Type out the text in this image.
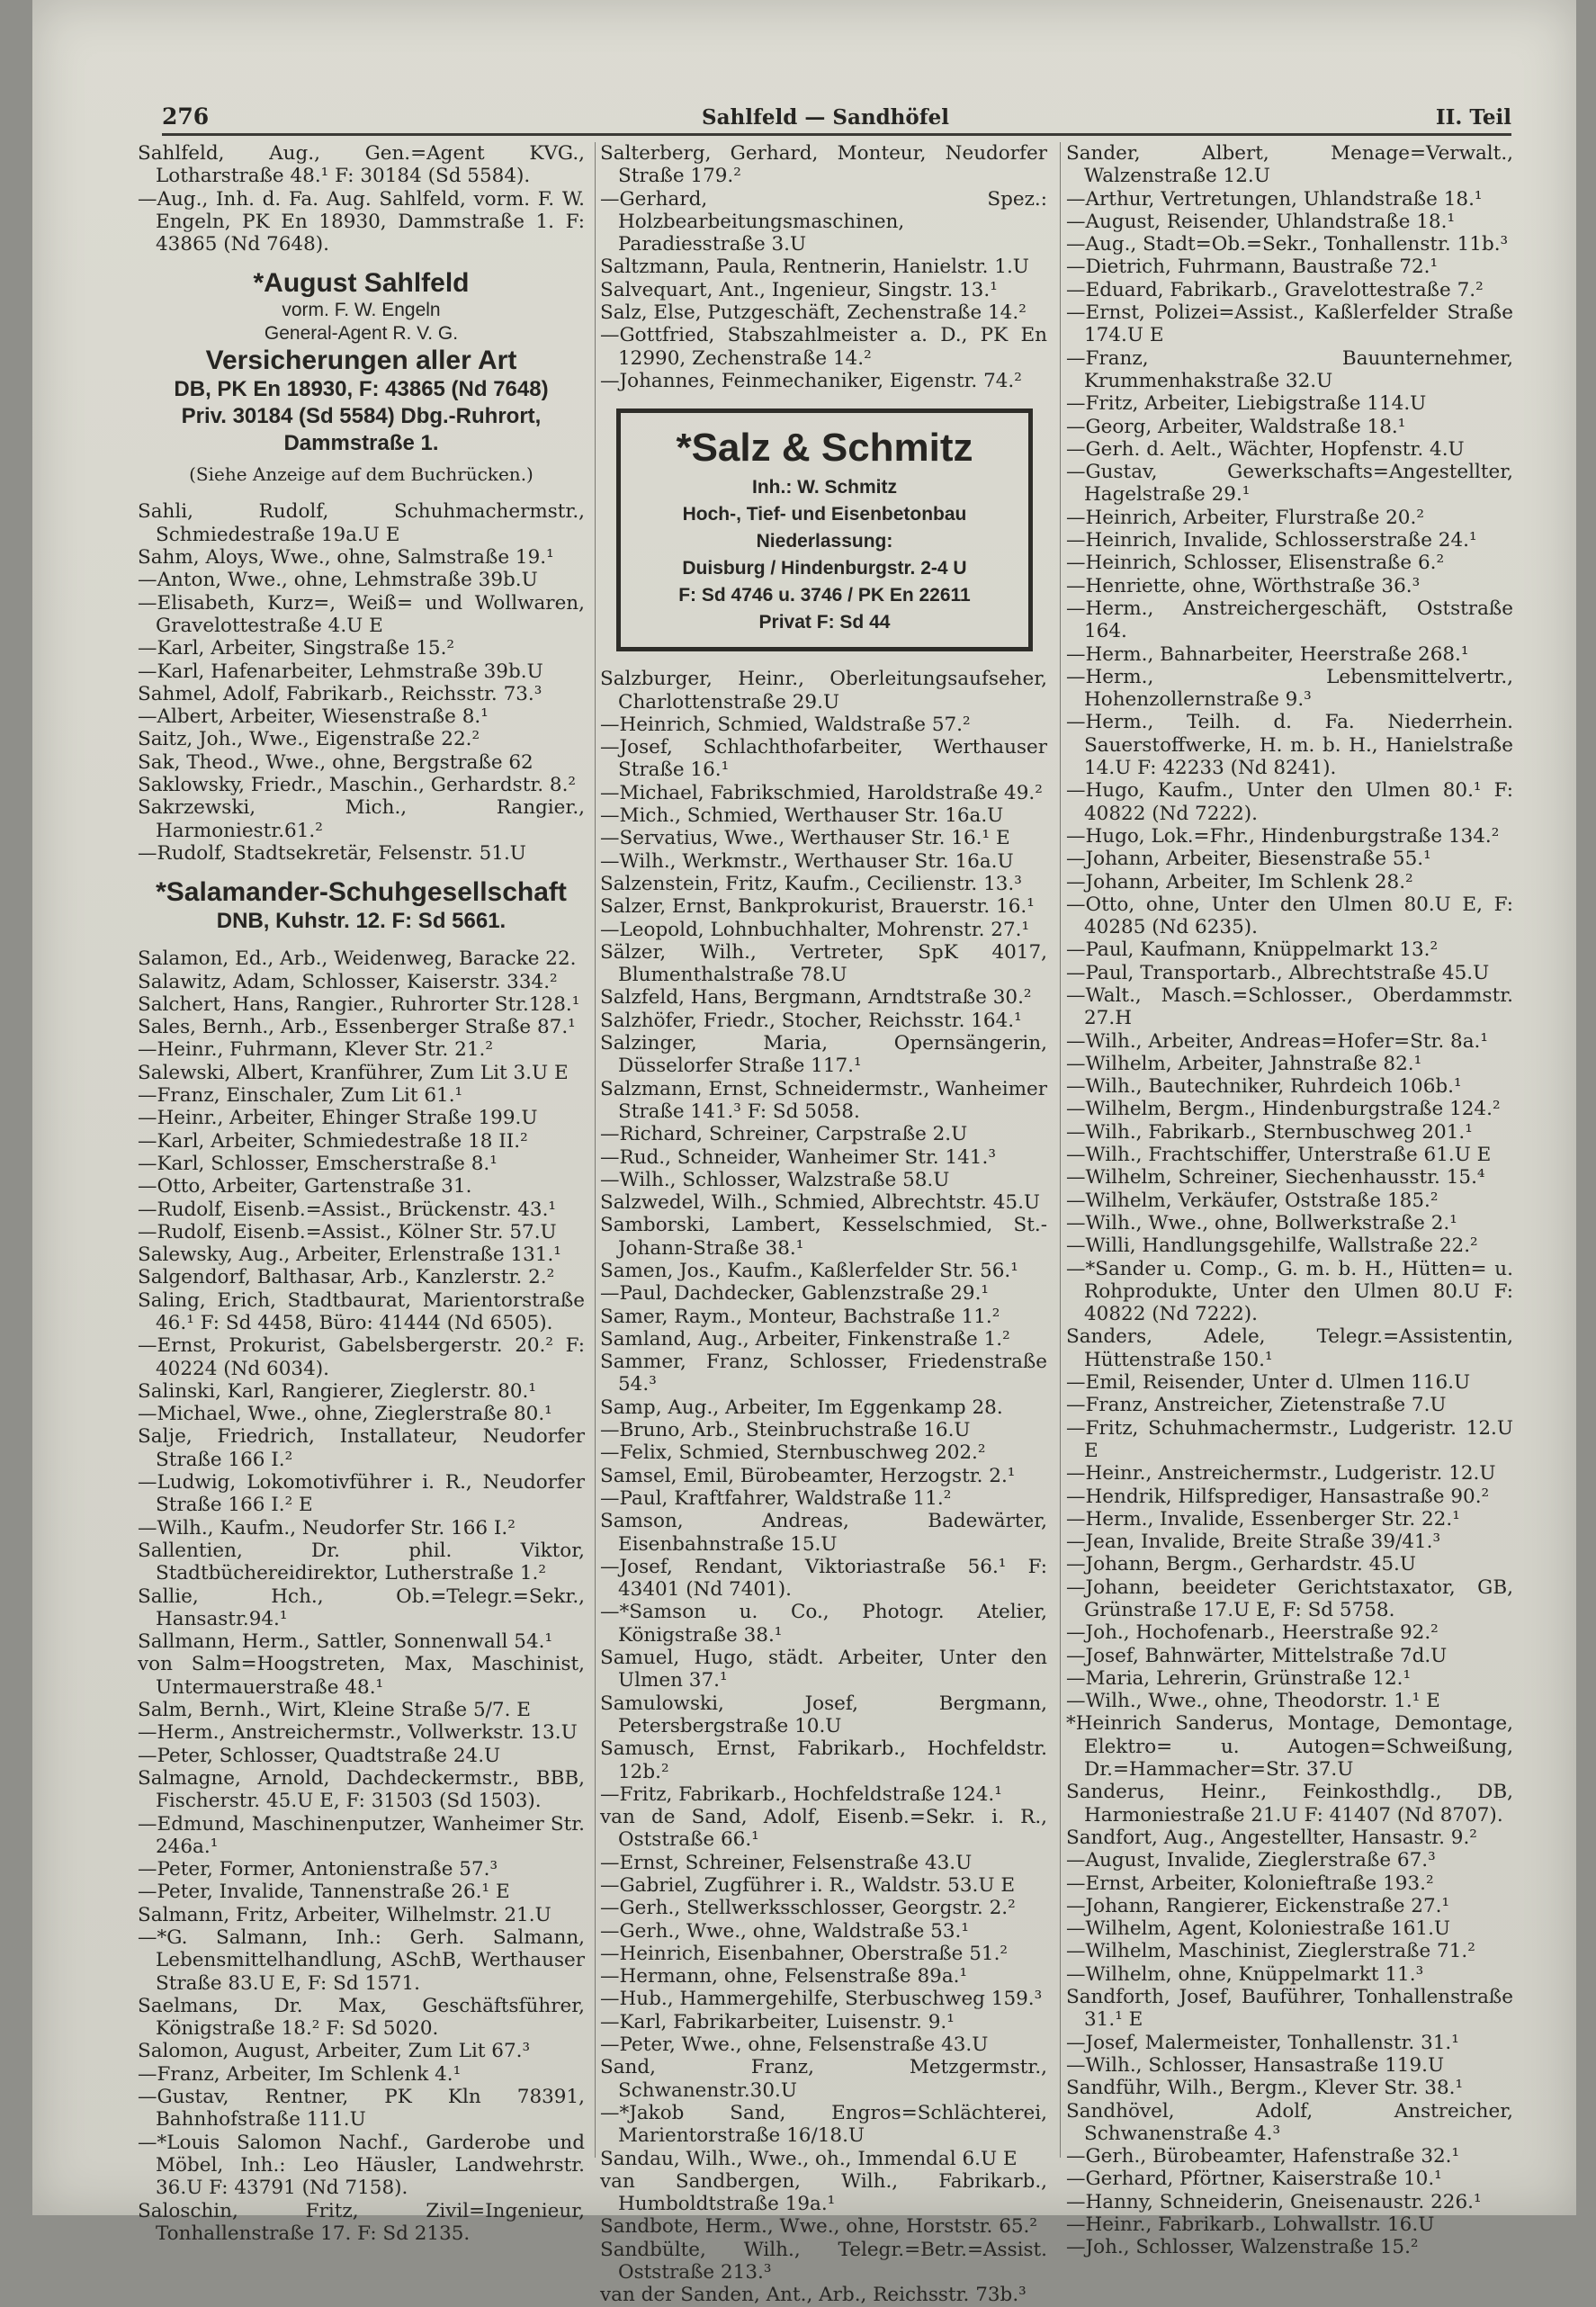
276	Sahlfeld — Sandhöfel	II. Teil

Sahlfeld, Aug., Gen.=Agent KVG., Lotharstraße 48.¹ F: 30184 (Sd 5584).

—Aug., Inh. d. Fa. Aug. Sahlfeld, vorm. F. W. Engeln, PK En 18930, Dammstraße 1. F: 43865 (Nd 7648).

*August Sahlfeld
vorm. F. W. Engeln
General-Agent R. V. G.
Versicherungen aller Art
DB, PK En 18930, F: 43865 (Nd 7648)
Priv. 30184 (Sd 5584) Dbg.-Ruhrort,
Dammstraße 1.
(Siehe Anzeige auf dem Buchrücken.)

Sahli, Rudolf, Schuhmachermstr., Schmiedestraße 19a.U E

Sahm, Aloys, Wwe., ohne, Salmstraße 19.¹

—Anton, Wwe., ohne, Lehmstraße 39b.U

—Elisabeth, Kurz=, Weiß= und Wollwaren, Gravelottestraße 4.U E

—Karl, Arbeiter, Singstraße 15.²

—Karl, Hafenarbeiter, Lehmstraße 39b.U

Sahmel, Adolf, Fabrikarb., Reichsstr. 73.³

—Albert, Arbeiter, Wiesenstraße 8.¹

Saitz, Joh., Wwe., Eigenstraße 22.²

Sak, Theod., Wwe., ohne, Bergstraße 62

Saklowsky, Friedr., Maschin., Gerhardstr. 8.²

Sakrzewski, Mich., Rangier., Harmoniestr.61.²

—Rudolf, Stadtsekretär, Felsenstr. 51.U

*Salamander-Schuhgesellschaft
DNB, Kuhstr. 12. F: Sd 5661.

Salamon, Ed., Arb., Weidenweg, Baracke 22.

Salawitz, Adam, Schlosser, Kaiserstr. 334.²

Salchert, Hans, Rangier., Ruhrorter Str.128.¹

Sales, Bernh., Arb., Essenberger Straße 87.¹

—Heinr., Fuhrmann, Klever Str. 21.²

Salewski, Albert, Kranführer, Zum Lit 3.U E

—Franz, Einschaler, Zum Lit 61.¹

—Heinr., Arbeiter, Ehinger Straße 199.U

—Karl, Arbeiter, Schmiedestraße 18 II.²

—Karl, Schlosser, Emscherstraße 8.¹

—Otto, Arbeiter, Gartenstraße 31.

—Rudolf, Eisenb.=Assist., Brückenstr. 43.¹

—Rudolf, Eisenb.=Assist., Kölner Str. 57.U

Salewsky, Aug., Arbeiter, Erlenstraße 131.¹

Salgendorf, Balthasar, Arb., Kanzlerstr. 2.²

Saling, Erich, Stadtbaurat, Marientorstraße 46.¹ F: Sd 4458, Büro: 41444 (Nd 6505).

—Ernst, Prokurist, Gabelsbergerstr. 20.² F: 40224 (Nd 6034).

Salinski, Karl, Rangierer, Zieglerstr. 80.¹

—Michael, Wwe., ohne, Zieglerstraße 80.¹

Salje, Friedrich, Installateur, Neudorfer Straße 166 I.²

—Ludwig, Lokomotivführer i. R., Neudorfer Straße 166 I.² E

—Wilh., Kaufm., Neudorfer Str. 166 I.²

Sallentien, Dr. phil. Viktor, Stadtbüchereidirektor, Lutherstraße 1.²

Sallie, Hch., Ob.=Telegr.=Sekr., Hansastr.94.¹

Sallmann, Herm., Sattler, Sonnenwall 54.¹

von Salm=Hoogstreten, Max, Maschinist, Untermauerstraße 48.¹

Salm, Bernh., Wirt, Kleine Straße 5/7. E

—Herm., Anstreichermstr., Vollwerkstr. 13.U

—Peter, Schlosser, Quadtstraße 24.U

Salmagne, Arnold, Dachdeckermstr., BBB, Fischerstr. 45.U E, F: 31503 (Sd 1503).

—Edmund, Maschinenputzer, Wanheimer Str. 246a.¹

—Peter, Former, Antonienstraße 57.³

—Peter, Invalide, Tannenstraße 26.¹ E

Salmann, Fritz, Arbeiter, Wilhelmstr. 21.U

—*G. Salmann, Inh.: Gerh. Salmann, Lebensmittelhandlung, ASchB, Werthauser Straße 83.U E, F: Sd 1571.

Saelmans, Dr. Max, Geschäftsführer, Königstraße 18.² F: Sd 5020.

Salomon, August, Arbeiter, Zum Lit 67.³

—Franz, Arbeiter, Im Schlenk 4.¹

—Gustav, Rentner, PK Kln 78391, Bahnhofstraße 111.U

—*Louis Salomon Nachf., Garderobe und Möbel, Inh.: Leo Häusler, Landwehrstr. 36.U F: 43791 (Nd 7158).

Saloschin, Fritz, Zivil=Ingenieur, Tonhallenstraße 17. F: Sd 2135.

Salterberg, Gerhard, Monteur, Neudorfer Straße 179.²

—Gerhard, Spez.: Holzbearbeitungsmaschinen, Paradiesstraße 3.U

Saltzmann, Paula, Rentnerin, Hanielstr. 1.U

Salvequart, Ant., Ingenieur, Singstr. 13.¹

Salz, Else, Putzgeschäft, Zechenstraße 14.²

—Gottfried, Stabszahlmeister a. D., PK En 12990, Zechenstraße 14.²

—Johannes, Feinmechaniker, Eigenstr. 74.²

*Salz & Schmitz
Inh.: W. Schmitz
Hoch-, Tief- und Eisenbetonbau
Niederlassung:
Duisburg / Hindenburgstr. 2-4 U
F: Sd 4746 u. 3746 / PK En 22611
Privat F: Sd 44

Salzburger, Heinr., Oberleitungsaufseher, Charlottenstraße 29.U

—Heinrich, Schmied, Waldstraße 57.²

—Josef, Schlachthofarbeiter, Werthauser Straße 16.¹

—Michael, Fabrikschmied, Haroldstraße 49.²

—Mich., Schmied, Werthauser Str. 16a.U

—Servatius, Wwe., Werthauser Str. 16.¹ E

—Wilh., Werkmstr., Werthauser Str. 16a.U

Salzenstein, Fritz, Kaufm., Cecilienstr. 13.³

Salzer, Ernst, Bankprokurist, Brauerstr. 16.¹

—Leopold, Lohnbuchhalter, Mohrenstr. 27.¹

Sälzer, Wilh., Vertreter, SpK 4017, Blumenthalstraße 78.U

Salzfeld, Hans, Bergmann, Arndtstraße 30.²

Salzhöfer, Friedr., Stocher, Reichsstr. 164.¹

Salzinger, Maria, Opernsängerin, Düsselorfer Straße 117.¹

Salzmann, Ernst, Schneidermstr., Wanheimer Straße 141.³ F: Sd 5058.

—Richard, Schreiner, Carpstraße 2.U

—Rud., Schneider, Wanheimer Str. 141.³

—Wilh., Schlosser, Walzstraße 58.U

Salzwedel, Wilh., Schmied, Albrechtstr. 45.U

Samborski, Lambert, Kesselschmied, St.-Johann-Straße 38.¹

Samen, Jos., Kaufm., Kaßlerfelder Str. 56.¹

—Paul, Dachdecker, Gablenzstraße 29.¹

Samer, Raym., Monteur, Bachstraße 11.²

Samland, Aug., Arbeiter, Finkenstraße 1.²

Sammer, Franz, Schlosser, Friedenstraße 54.³

Samp, Aug., Arbeiter, Im Eggenkamp 28.

—Bruno, Arb., Steinbruchstraße 16.U

—Felix, Schmied, Sternbuschweg 202.²

Samsel, Emil, Bürobeamter, Herzogstr. 2.¹

—Paul, Kraftfahrer, Waldstraße 11.²

Samson, Andreas, Badewärter, Eisenbahnstraße 15.U

—Josef, Rendant, Viktoriastraße 56.¹ F: 43401 (Nd 7401).

—*Samson u. Co., Photogr. Atelier, Königstraße 38.¹

Samuel, Hugo, städt. Arbeiter, Unter den Ulmen 37.¹

Samulowski, Josef, Bergmann, Petersbergstraße 10.U

Samusch, Ernst, Fabrikarb., Hochfeldstr. 12b.²

—Fritz, Fabrikarb., Hochfeldstraße 124.¹

van de Sand, Adolf, Eisenb.=Sekr. i. R., Oststraße 66.¹

—Ernst, Schreiner, Felsenstraße 43.U

—Gabriel, Zugführer i. R., Waldstr. 53.U E

—Gerh., Stellwerksschlosser, Georgstr. 2.²

—Gerh., Wwe., ohne, Waldstraße 53.¹

—Heinrich, Eisenbahner, Oberstraße 51.²

—Hermann, ohne, Felsenstraße 89a.¹

—Hub., Hammergehilfe, Sterbuschweg 159.³

—Karl, Fabrikarbeiter, Luisenstr. 9.¹

—Peter, Wwe., ohne, Felsenstraße 43.U

Sand, Franz, Metzgermstr., Schwanenstr.30.U

—*Jakob Sand, Engros=Schlächterei, Marientorstraße 16/18.U

Sandau, Wilh., Wwe., oh., Immendal 6.U E

van Sandbergen, Wilh., Fabrikarb., Humboldtstraße 19a.¹

Sandbote, Herm., Wwe., ohne, Horststr. 65.²

Sandbülte, Wilh., Telegr.=Betr.=Assist. Oststraße 213.³

van der Sanden, Ant., Arb., Reichsstr. 73b.³

Sander, Albert, Menage=Verwalt., Walzenstraße 12.U

—Arthur, Vertretungen, Uhlandstraße 18.¹

—August, Reisender, Uhlandstraße 18.¹

—Aug., Stadt=Ob.=Sekr., Tonhallenstr. 11b.³

—Dietrich, Fuhrmann, Baustraße 72.¹

—Eduard, Fabrikarb., Gravelottestraße 7.²

—Ernst, Polizei=Assist., Kaßlerfelder Straße 174.U E

—Franz, Bauunternehmer, Krummenhakstraße 32.U

—Fritz, Arbeiter, Liebigstraße 114.U

—Georg, Arbeiter, Waldstraße 18.¹

—Gerh. d. Aelt., Wächter, Hopfenstr. 4.U

—Gustav, Gewerkschafts=Angestellter, Hagelstraße 29.¹

—Heinrich, Arbeiter, Flurstraße 20.²

—Heinrich, Invalide, Schlosserstraße 24.¹

—Heinrich, Schlosser, Elisenstraße 6.²

—Henriette, ohne, Wörthstraße 36.³

—Herm., Anstreichergeschäft, Oststraße 164.

—Herm., Bahnarbeiter, Heerstraße 268.¹

—Herm., Lebensmittelvertr., Hohenzollernstraße 9.³

—Herm., Teilh. d. Fa. Niederrhein. Sauerstoffwerke, H. m. b. H., Hanielstraße 14.U F: 42233 (Nd 8241).

—Hugo, Kaufm., Unter den Ulmen 80.¹ F: 40822 (Nd 7222).

—Hugo, Lok.=Fhr., Hindenburgstraße 134.²

—Johann, Arbeiter, Biesenstraße 55.¹

—Johann, Arbeiter, Im Schlenk 28.²

—Otto, ohne, Unter den Ulmen 80.U E, F: 40285 (Nd 6235).

—Paul, Kaufmann, Knüppelmarkt 13.²

—Paul, Transportarb., Albrechtstraße 45.U

—Walt., Masch.=Schlosser., Oberdammstr. 27.H

—Wilh., Arbeiter, Andreas=Hofer=Str. 8a.¹

—Wilhelm, Arbeiter, Jahnstraße 82.¹

—Wilh., Bautechniker, Ruhrdeich 106b.¹

—Wilhelm, Bergm., Hindenburgstraße 124.²

—Wilh., Fabrikarb., Sternbuschweg 201.¹

—Wilh., Frachtschiffer, Unterstraße 61.U E

—Wilhelm, Schreiner, Siechenhausstr. 15.⁴

—Wilhelm, Verkäufer, Oststraße 185.²

—Wilh., Wwe., ohne, Bollwerkstraße 2.¹

—Willi, Handlungsgehilfe, Wallstraße 22.²

—*Sander u. Comp., G. m. b. H., Hütten= u. Rohprodukte, Unter den Ulmen 80.U F: 40822 (Nd 7222).

Sanders, Adele, Telegr.=Assistentin, Hüttenstraße 150.¹

—Emil, Reisender, Unter d. Ulmen 116.U

—Franz, Anstreicher, Zietenstraße 7.U

—Fritz, Schuhmachermstr., Ludgeristr. 12.U E

—Heinr., Anstreichermstr., Ludgeristr. 12.U

—Hendrik, Hilfsprediger, Hansastraße 90.²

—Herm., Invalide, Essenberger Str. 22.¹

—Jean, Invalide, Breite Straße 39/41.³

—Johann, Bergm., Gerhardstr. 45.U

—Johann, beeideter Gerichtstaxator, GB, Grünstraße 17.U E, F: Sd 5758.

—Joh., Hochofenarb., Heerstraße 92.²

—Josef, Bahnwärter, Mittelstraße 7d.U

—Maria, Lehrerin, Grünstraße 12.¹

—Wilh., Wwe., ohne, Theodorstr. 1.¹ E

*Heinrich Sanderus, Montage, Demontage, Elektro= u. Autogen=Schweißung, Dr.=Hammacher=Str. 37.U

Sanderus, Heinr., Feinkosthdlg., DB, Harmoniestraße 21.U F: 41407 (Nd 8707).

Sandfort, Aug., Angestellter, Hansastr. 9.²

—August, Invalide, Zieglerstraße 67.³

—Ernst, Arbeiter, Kolonieftraße 193.²

—Johann, Rangierer, Eickenstraße 27.¹

—Wilhelm, Agent, Koloniestraße 161.U

—Wilhelm, Maschinist, Zieglerstraße 71.²

—Wilhelm, ohne, Knüppelmarkt 11.³

Sandforth, Josef, Bauführer, Tonhallenstraße 31.¹ E

—Josef, Malermeister, Tonhallenstr. 31.¹

—Wilh., Schlosser, Hansastraße 119.U

Sandführ, Wilh., Bergm., Klever Str. 38.¹

Sandhövel, Adolf, Anstreicher, Schwanenstraße 4.³

—Gerh., Bürobeamter, Hafenstraße 32.¹

—Gerhard, Pförtner, Kaiserstraße 10.¹

—Hanny, Schneiderin, Gneisenaustr. 226.¹

—Heinr., Fabrikarb., Lohwallstr. 16.U

—Joh., Schlosser, Walzenstraße 15.²
